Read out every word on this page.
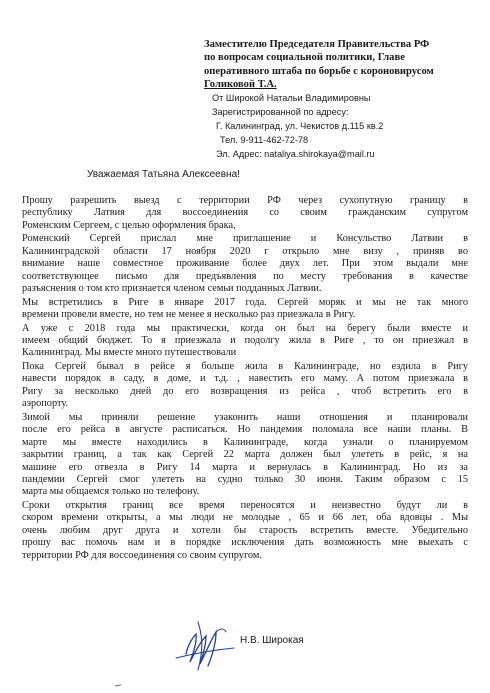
Заместителю Председателя Правительства РФ
по вопросам социальной политики, Главе
оперативного штаба по борьбе с короновирусом
Голиковой Т.А.
От Широкой Натальи Владимировны
Зарегистрированной по адресу:
Г. Калининград, ул. Чекистов д.115 кв.2
Тел. 9-911-462-72-78
Эл. Адрес: nataliya.shirokaya@mail.ru
Уважаемая Татьяна Алексеевна!

Прошу разрешить выезд с территории РФ через сухопутную границу в
республику Латвия для воссоединения со своим гражданским супругом
Роменским Сергеем, с целью оформления брака,

Роменский Сергей прислал мне приглашение и Консульство Латвии в
Калининградской области 17 ноября 2020 г открыло мне визу , приняв во
внимание наше совместное проживание более двух лет. При этом выдали мне
соответствующее письмо для предъявления по месту требования в качестве
разъяснения о том кто признается членом семьи подданных Латвии.

Мы встретились в Риге в январе 2017 года. Сергей моряк и мы не так много
времени провели вместе, но тем не менее я несколько раз приезжала в Ригу.

А уже с 2018 года мы практически, когда он был на берегу были вместе и
имеем общий бюджет. То я приезжала и подолгу жила в Риге , то он приезжал в
Калининград. Мы вместе много путешествовали

Пока Сергей бывал в рейсе я больше жила в Калининграде, но ездила в Ригу
навести порядок в саду, в доме, и т.д. , навестить его маму. А потом приезжала в
Ригу за несколько дней до его возвращения из рейса , чтоб встретить его в
аэропорту.

Зимой мы приняли решение узаконить наши отношения и планировали
после его рейса в августе расписаться. Но пандемия поломала все наши планы. В
марте мы вместе находились в Калининграде, когда узнали о планируемом
закрытии границ, а так как Сергей 22 марта должен был улететь в рейс, я на
машине его отвезла в Ригу 14 марта и вернулась в Калининград. Но из за
пандемии Сергей смог улететь на судно только 30 июня. Таким образом с 15
марта мы общаемся только по телефону.

Сроки открытия границ все время переносятся и неизвестно будут ли в
скором времени открыты, а мы люди не молодые , 65 и 66 лет, оба вдовцы . Мы
очень любим друг друга и хотели бы старость встретить вместе. Убедительно
прошу вас помочь нам и в порядке исключения дать возможность мне выехать с
территории РФ для воссоединения со своим супругом.

Н.В. Широкая
